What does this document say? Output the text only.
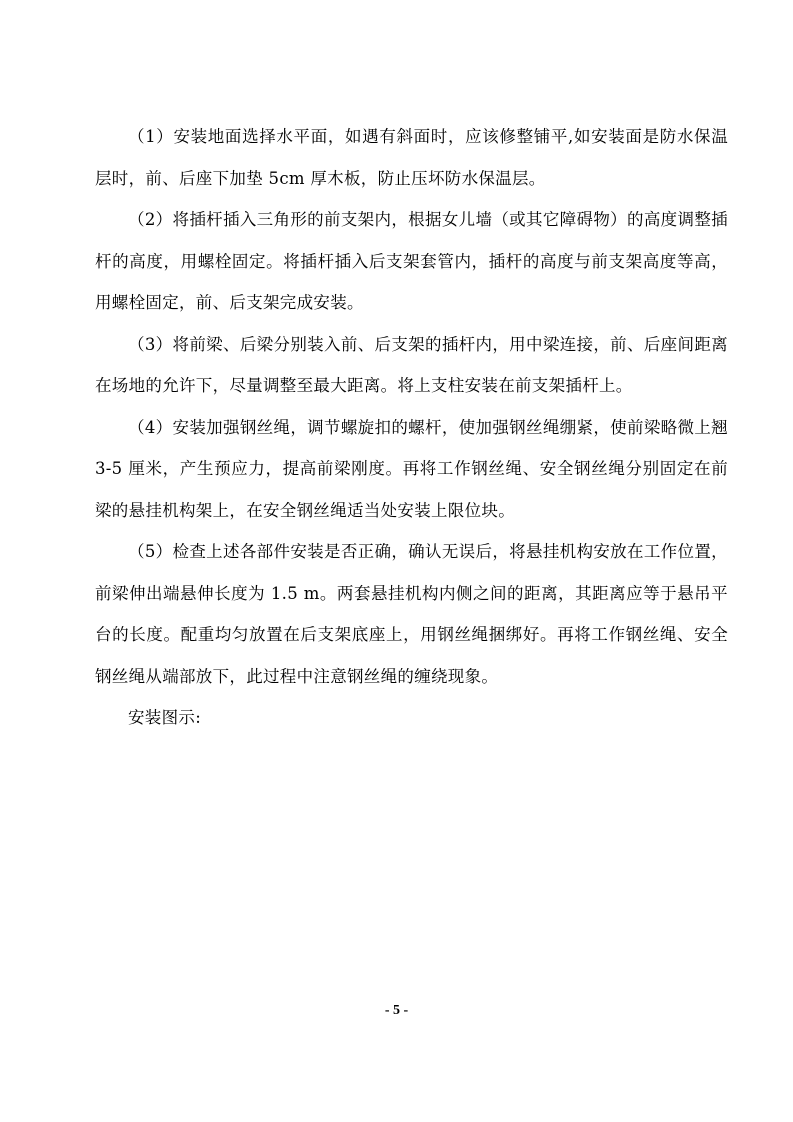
（1）安装地面选择水平面，如遇有斜面时，应该修整铺平,如安装面是防水保温层时，前、后座下加垫 5cm 厚木板，防止压坏防水保温层。

（2）将插杆插入三角形的前支架内，根据女儿墙（或其它障碍物）的高度调整插杆的高度，用螺栓固定。将插杆插入后支架套管内，插杆的高度与前支架高度等高，用螺栓固定，前、后支架完成安装。

（3）将前梁、后梁分别装入前、后支架的插杆内，用中梁连接，前、后座间距离在场地的允许下，尽量调整至最大距离。将上支柱安装在前支架插杆上。

（4）安装加强钢丝绳，调节螺旋扣的螺杆，使加强钢丝绳绷紧，使前梁略微上翘 3-5 厘米，产生预应力，提高前梁刚度。再将工作钢丝绳、安全钢丝绳分别固定在前梁的悬挂机构架上，在安全钢丝绳适当处安装上限位块。

（5）检查上述各部件安装是否正确，确认无误后，将悬挂机构安放在工作位置，前梁伸出端悬伸长度为 1.5 m。两套悬挂机构内侧之间的距离，其距离应等于悬吊平台的长度。配重均匀放置在后支架底座上，用钢丝绳捆绑好。再将工作钢丝绳、安全钢丝绳从端部放下，此过程中注意钢丝绳的缠绕现象。

安装图示:

- 5 -
